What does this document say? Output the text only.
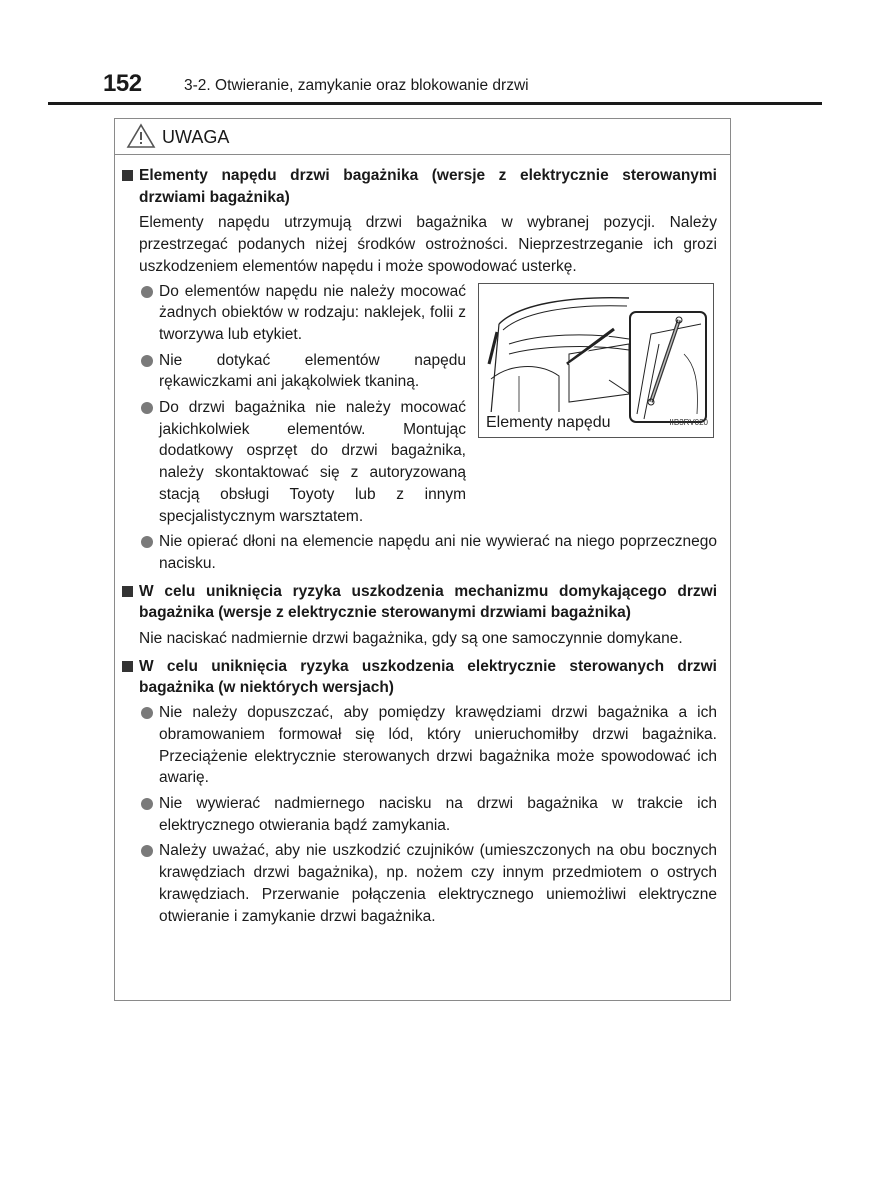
152	3-2. Otwieranie, zamykanie oraz blokowanie drzwi
UWAGA
Elementy napędu drzwi bagażnika (wersje z elektrycznie sterowanymi drzwiami bagażnika)
Elementy napędu utrzymują drzwi bagażnika w wybranej pozycji. Należy przestrzegać podanych niżej środków ostrożności. Nieprzestrzeganie ich grozi uszkodzeniem elementów napędu i może spowodować usterkę.
Do elementów napędu nie należy mocować żadnych obiektów w rodzaju: naklejek, folii z tworzywa lub etykiet.
Nie dotykać elementów napędu rękawiczkami ani jakąkolwiek tkaniną.
Do drzwi bagażnika nie należy mocować jakichkolwiek elementów. Montując dodatkowy osprzęt do drzwi bagażnika, należy skontaktować się z autoryzowaną stacją obsługi Toyoty lub z innym specjalistycznym warsztatem.
Elementy napędu	IIB3RV020
Nie opierać dłoni na elemencie napędu ani nie wywierać na niego poprzecznego nacisku.
W celu uniknięcia ryzyka uszkodzenia mechanizmu domykającego drzwi bagażnika (wersje z elektrycznie sterowanymi drzwiami bagażnika)
Nie naciskać nadmiernie drzwi bagażnika, gdy są one samoczynnie domykane.
W celu uniknięcia ryzyka uszkodzenia elektrycznie sterowanych drzwi bagażnika (w niektórych wersjach)
Nie należy dopuszczać, aby pomiędzy krawędziami drzwi bagażnika a ich obramowaniem formował się lód, który unieruchomiłby drzwi bagażnika. Przeciążenie elektrycznie sterowanych drzwi bagażnika może spowodować ich awarię.
Nie wywierać nadmiernego nacisku na drzwi bagażnika w trakcie ich elektrycznego otwierania bądź zamykania.
Należy uważać, aby nie uszkodzić czujników (umieszczonych na obu bocznych krawędziach drzwi bagażnika), np. nożem czy innym przedmiotem o ostrych krawędziach. Przerwanie połączenia elektrycznego uniemożliwi elektryczne otwieranie i zamykanie drzwi bagażnika.
